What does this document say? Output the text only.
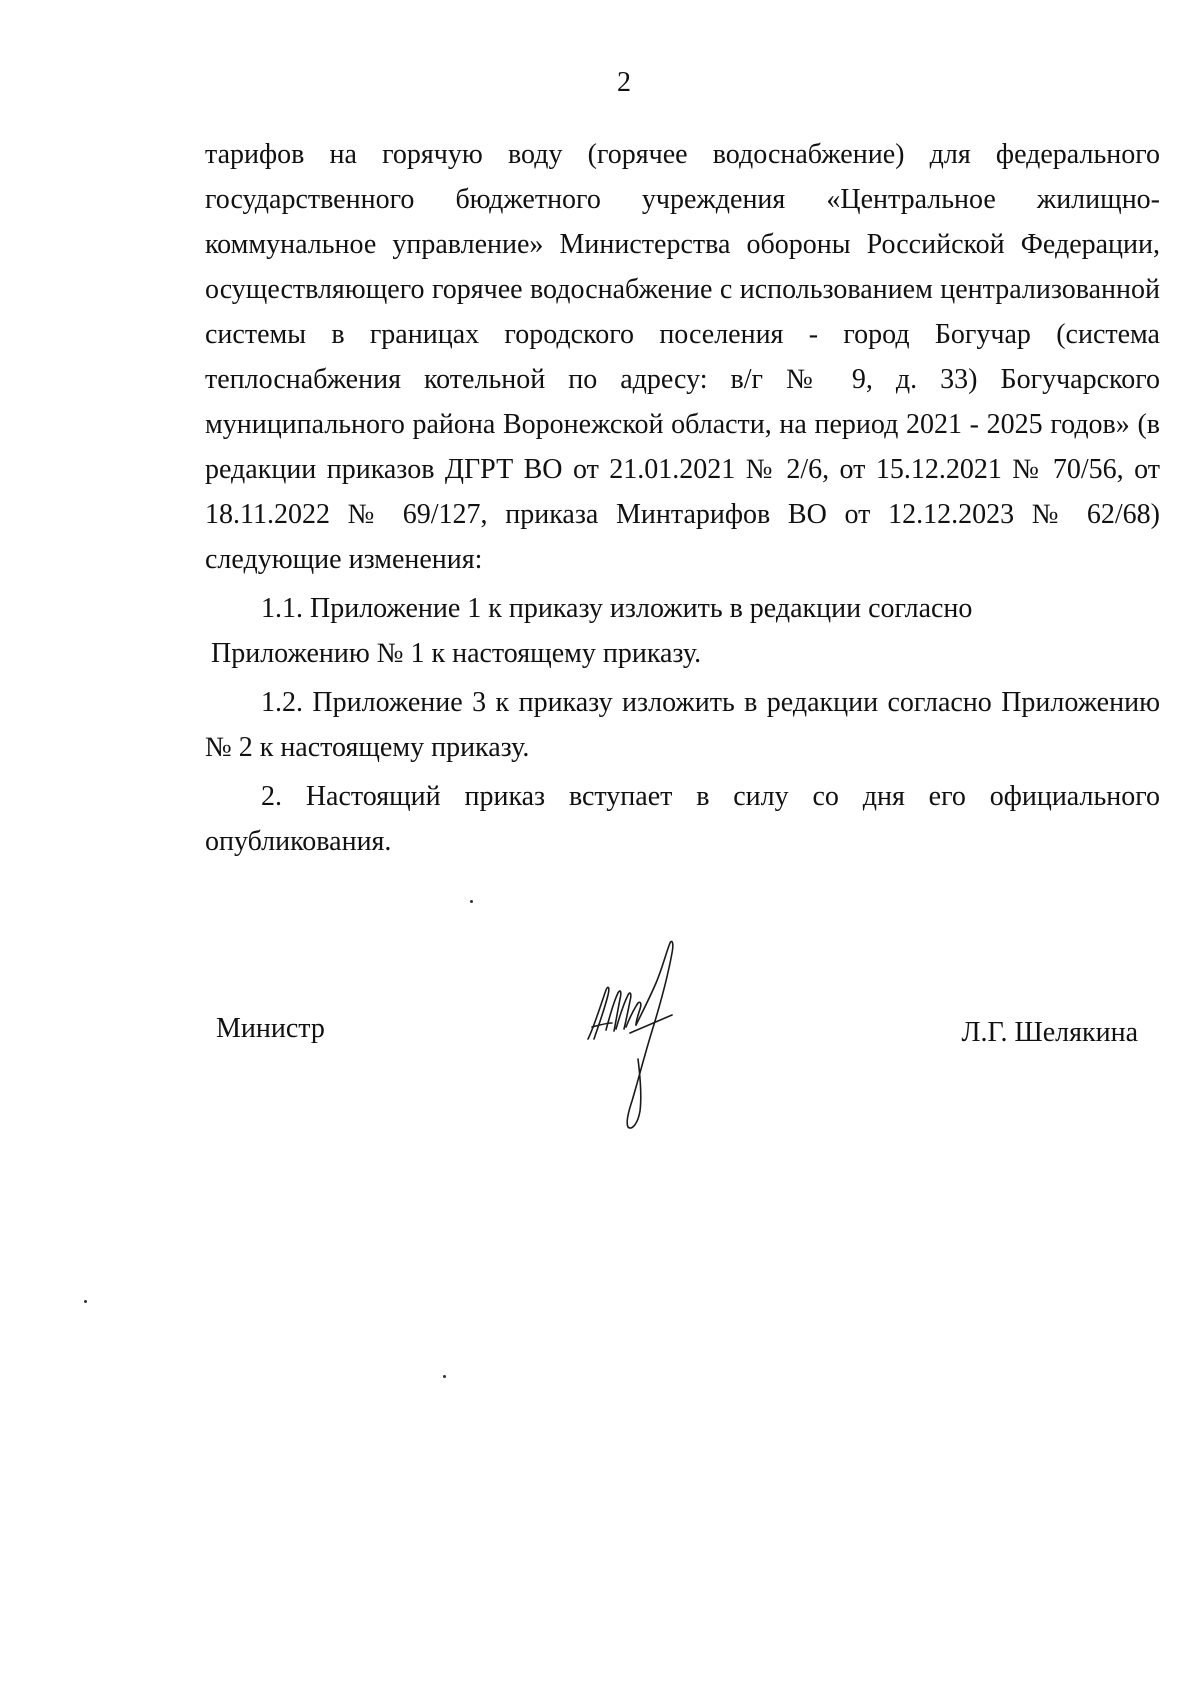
2

тарифов на горячую воду (горячее водоснабжение) для федерального государственного бюджетного учреждения «Центральное жилищно-коммунальное управление» Министерства обороны Российской Федерации, осуществляющего горячее водоснабжение с использованием централизованной системы в границах городского поселения - город Богучар (система теплоснабжения котельной по адресу: в/г № 9, д. 33) Богучарского муниципального района Воронежской области, на период 2021 - 2025 годов» (в редакции приказов ДГРТ ВО от 21.01.2021 № 2/6, от 15.12.2021 № 70/56, от 18.11.2022 № 69/127, приказа Минтарифов ВО от 12.12.2023 № 62/68) следующие изменения:

1.1. Приложение 1 к приказу изложить в редакции согласно

Приложению № 1 к настоящему приказу.

1.2. Приложение 3 к приказу изложить в редакции согласно Приложению № 2 к настоящему приказу.

2. Настоящий приказ вступает в силу со дня его официального опубликования.

Министр	Л.Г. Шелякина
